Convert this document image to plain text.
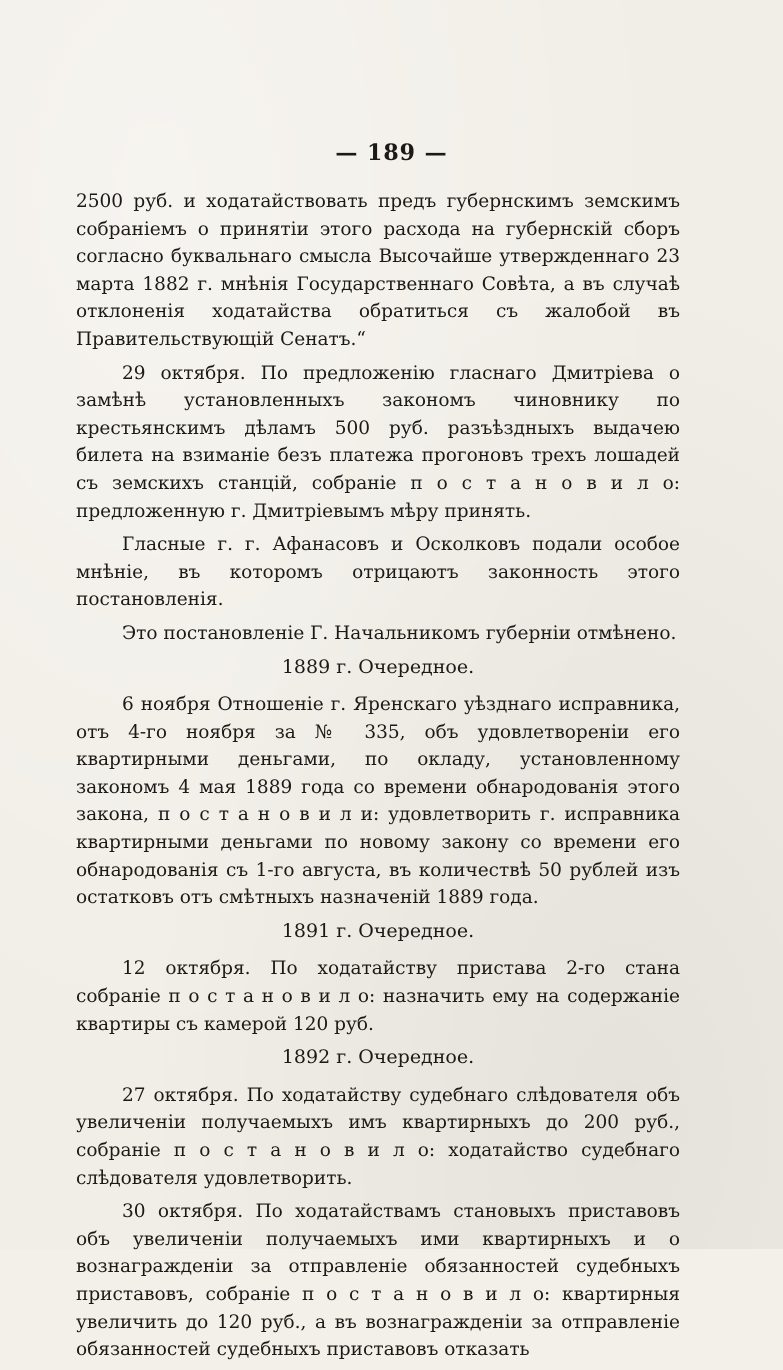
— 189 —

2500 руб. и ходатайствовать предъ губернскимъ земскимъ собраніемъ о принятіи этого расхода на губернскій сборъ согласно буквальнаго смысла Высочайше утвержденнаго 23 марта 1882 г. мнѣнія Государственнаго Совѣта, а въ случаѣ отклоненія ходатайства обратиться съ жалобой въ Правительствующій Сенатъ.“

29 октября. По предложенію гласнаго Дмитріева о замѣнѣ установленныхъ закономъ чиновнику по крестьянскимъ дѣламъ 500 руб. разъѣздныхъ выдачею билета на взиманіе безъ платежа прогоновъ трехъ лошадей съ земскихъ станцій, собраніе п о с т а н о в и л о: предложенную г. Дмитріевымъ мѣру принять.

Гласные г. г. Афанасовъ и Осколковъ подали особое мнѣніе, въ которомъ отрицаютъ законность этого постановленія.

Это постановленіе Г. Начальникомъ губерніи отмѣнено.

1889 г. Очередное.

6 ноября Отношеніе г. Яренскаго уѣзднаго исправника, отъ 4-го ноября за № 335, объ удовлетвореніи его квартирными деньгами, по окладу, установленному закономъ 4 мая 1889 года со времени обнародованія этого закона, п о с т а н о в и л и: удовлетворить г. исправника квартирными деньгами по новому закону со времени его обнародованія съ 1-го августа, въ количествѣ 50 рублей изъ остатковъ отъ смѣтныхъ назначеній 1889 года.

1891 г. Очередное.

12 октября. По ходатайству пристава 2-го стана собраніе п о с т а н о в и л о: назначить ему на содержаніе квартиры съ камерой 120 руб.

1892 г. Очередное.

27 октября. По ходатайству судебнаго слѣдователя объ увеличеніи получаемыхъ имъ квартирныхъ до 200 руб., собраніе п о с т а н о в и л о: ходатайство судебнаго слѣдователя удовлетворить.

30 октября. По ходатайствамъ становыхъ приставовъ объ увеличеніи получаемыхъ ими квартирныхъ и о вознагражденіи за отправленіе обязанностей судебныхъ приставовъ, собраніе п о с т а н о в и л о: квартирныя увеличить до 120 руб., а въ вознагражденіи за отправленіе обязанностей судебныхъ приставовъ отказать
